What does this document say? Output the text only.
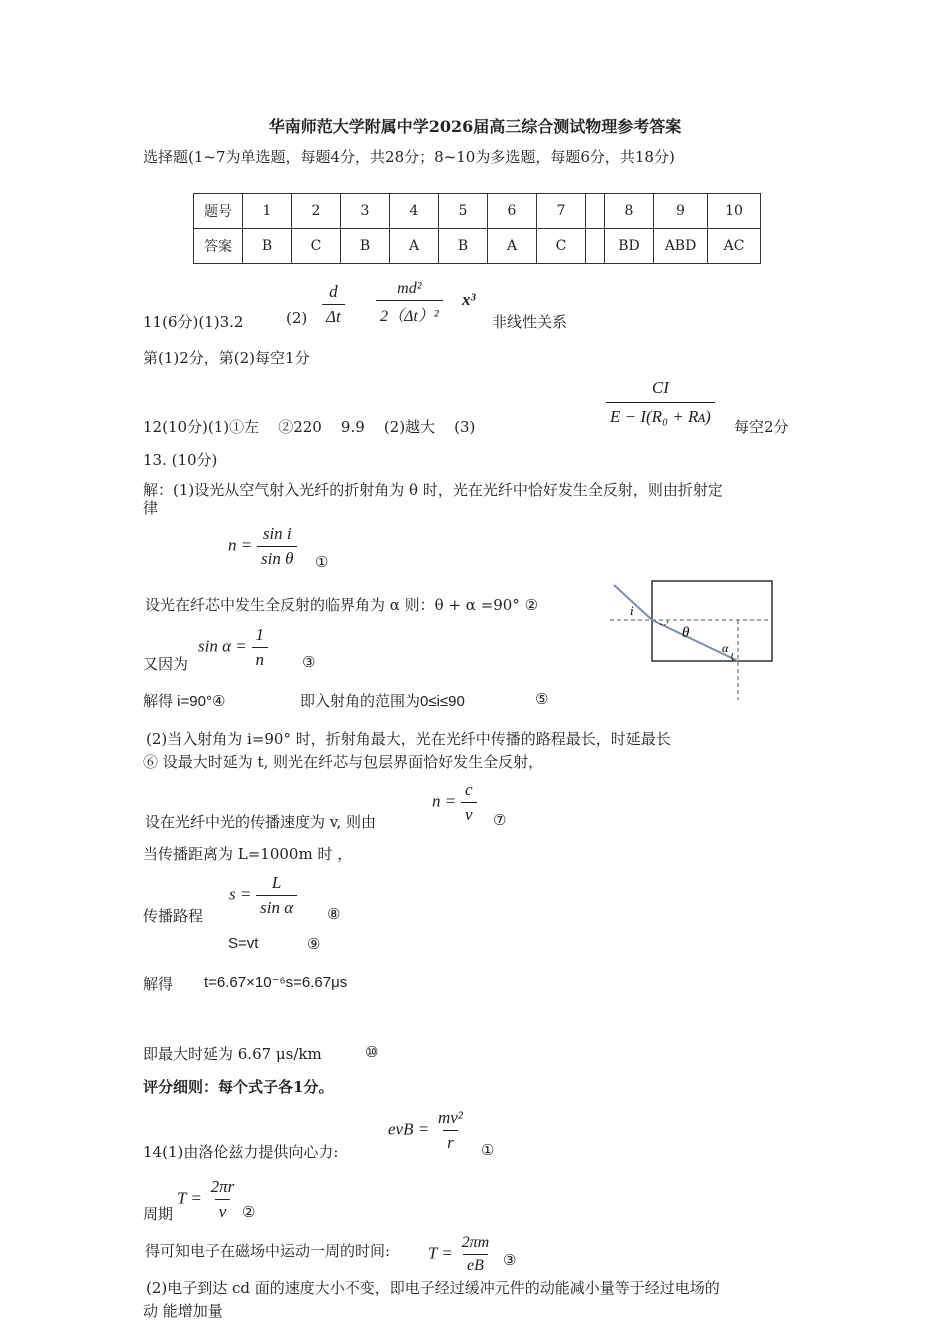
华南师范大学附属中学2026届高三综合测试物理参考答案
选择题(1~7为单选题，每题4分，共28分；8~10为多选题，每题6分，共18分)
题号	1	2	3	4	5	6	7		8	9	10
答案	B	C	B	A	B	A	C		BD	ABD	AC
11(6分)(1)3.2	$(2) \frac{d}{\Delta t} \frac{\text{md²}}{\text{2（Δt）²}} x^3$
非线性关系
第(1)2分，第(2)每空1分
12(10分)(1)①左    ②220    9.9    (2)越大    (3)	$\frac{CI}{\text{E − I(R₀ + Rᴀ)}}$ 每空2分
13. (10分)
解：(1)设光从空气射入光纤的折射角为 θ 时，光在光纤中恰好发生全反射，则由折射定
律
$n = \frac{\text{sin i}}{\text{sin θ}}$ ①
设光在纤芯中发生全反射的临界角为 α 则：θ + α =90° ②
又因为
$\sin \alpha = \frac{1}{n}$ ③
解得 i=90°④	即入射角的范围为0≤i≤90	⑤
i
θ
α
(2)当入射角为 i=90° 时，折射角最大，光在光纤中传播的路程最长，时延最长
⑥ 设最大时延为 t, 则光在纤芯与包层界面恰好发生全反射，
设在光纤中光的传播速度为 v, 则由
$n = \frac{c}{v}$ ⑦
当传播距离为 L=1000m 时 ，
传播路程
$s = \frac{L}{\text{sin α}}$ ⑧
S=vt	⑨
解得 t=6.67×10⁻⁶s=6.67μs
即最大时延为 6.67 μs/km	⑩
评分细则：每个式子各1分。
14(1)由洛伦兹力提供向心力:
evB = $\frac{\text{mv²}}{r}$ ①
周期
$T = \frac{2\pi r}{v}$ ②
得可知电子在磁场中运动一周的时间: $T = \frac{2\pi m}{eB}$ ③
(2)电子到达 cd 面的速度大小不变，即电子经过缓冲元件的动能减小量等于经过电场的
动 能增加量
